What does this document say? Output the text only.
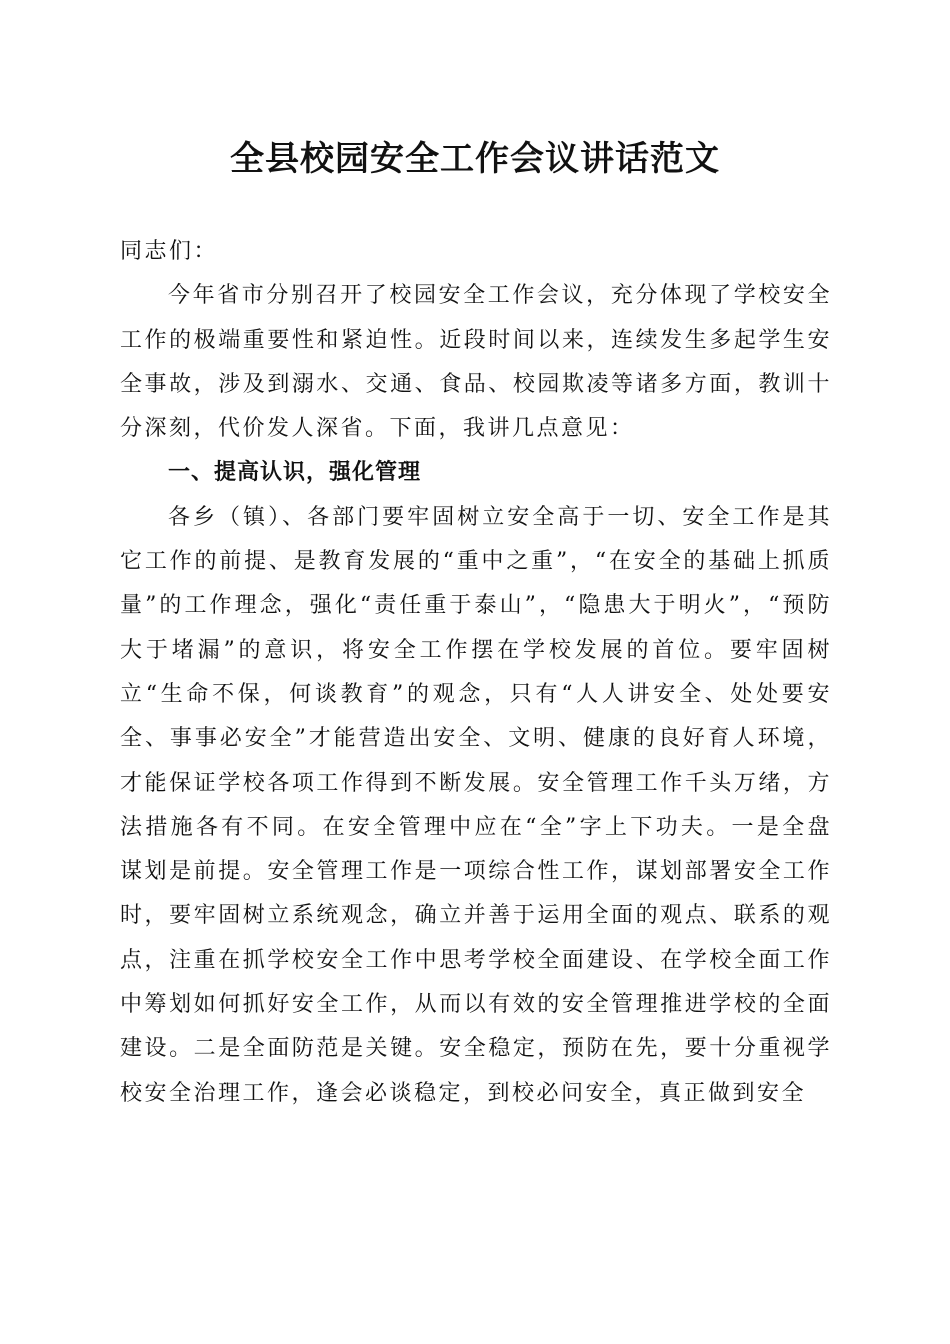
全县校园安全工作会议讲话范文

同志们：

今年省市分别召开了校园安全工作会议，充分体现了学校安全工作的极端重要性和紧迫性。近段时间以来，连续发生多起学生安全事故，涉及到溺水、交通、食品、校园欺凌等诸多方面，教训十分深刻，代价发人深省。下面，我讲几点意见：

一、提高认识，强化管理

各乡（镇）、各部门要牢固树立安全高于一切、安全工作是其它工作的前提、是教育发展的“重中之重”，“在安全的基础上抓质量”的工作理念，强化“责任重于泰山”，“隐患大于明火”，“预防大于堵漏”的意识，将安全工作摆在学校发展的首位。要牢固树立“生命不保，何谈教育”的观念，只有“人人讲安全、处处要安全、事事必安全”才能营造出安全、文明、健康的良好育人环境，才能保证学校各项工作得到不断发展。安全管理工作千头万绪，方法措施各有不同。在安全管理中应在“全”字上下功夫。一是全盘谋划是前提。安全管理工作是一项综合性工作，谋划部署安全工作时，要牢固树立系统观念，确立并善于运用全面的观点、联系的观点，注重在抓学校安全工作中思考学校全面建设、在学校全面工作中筹划如何抓好安全工作，从而以有效的安全管理推进学校的全面建设。二是全面防范是关键。安全稳定，预防在先，要十分重视学校安全治理工作，逢会必谈稳定，到校必问安全，真正做到安全
